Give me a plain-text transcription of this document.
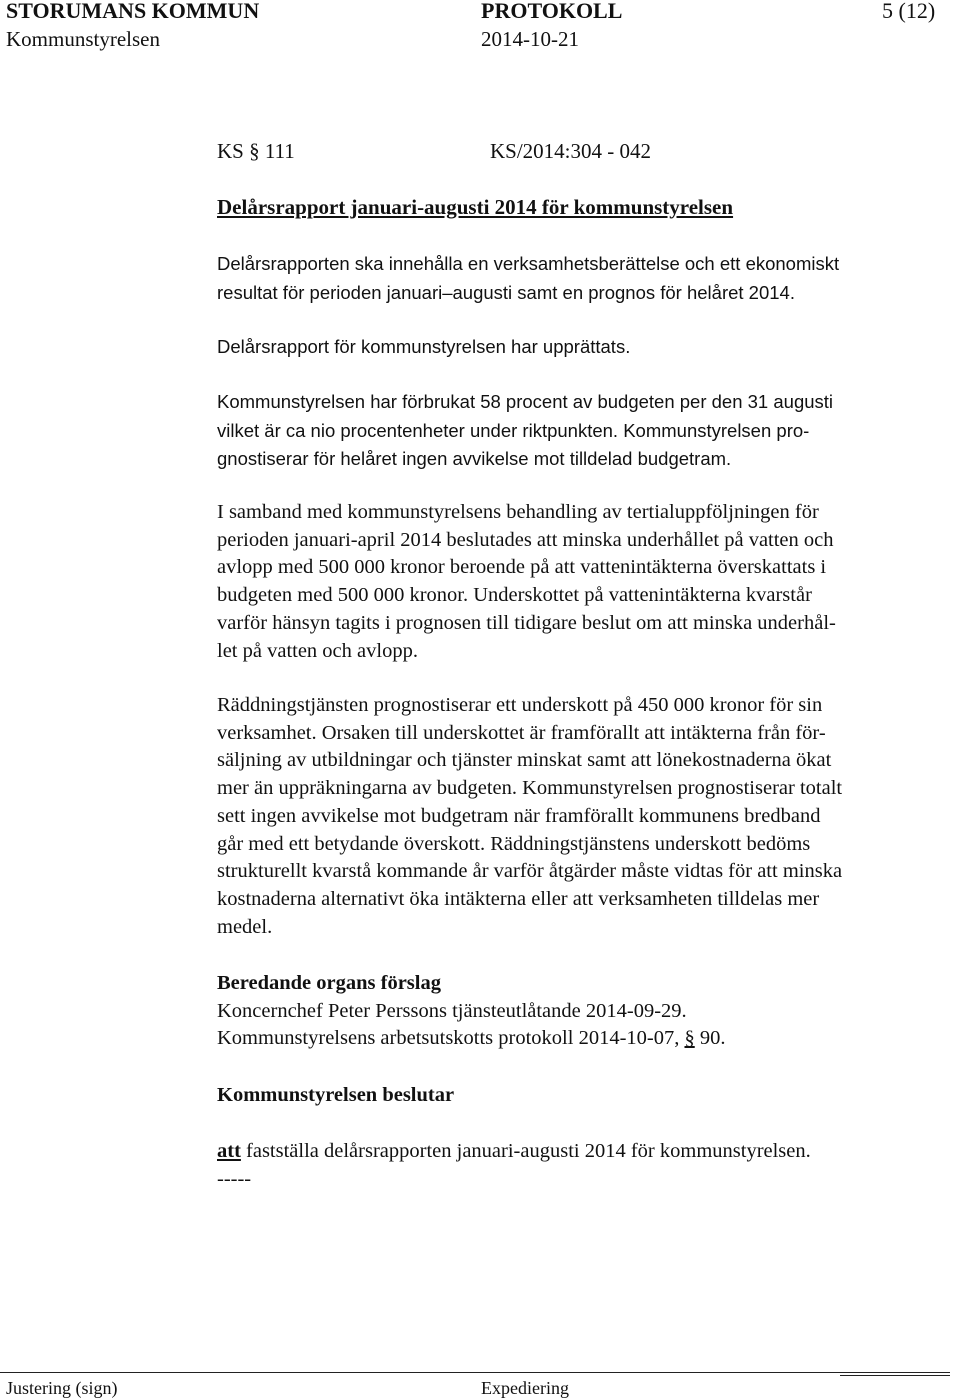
STORUMANS KOMMUN	PROTOKOLL	5 (12)
Kommunstyrelsen	2014-10-21
KS § 111	KS/2014:304 - 042
Delårsrapport januari-augusti 2014 för kommunstyrelsen
Delårsrapporten ska innehålla en verksamhetsberättelse och ett ekonomiskt
resultat för perioden januari–augusti samt en prognos för helåret 2014.
Delårsrapport för kommunstyrelsen har upprättats.
Kommunstyrelsen har förbrukat 58 procent av budgeten per den 31 augusti
vilket är ca nio procentenheter under riktpunkten. Kommunstyrelsen pro-
gnostiserar för helåret ingen avvikelse mot tilldelad budgetram.
I samband med kommunstyrelsens behandling av tertialuppföljningen för
perioden januari-april 2014 beslutades att minska underhållet på vatten och
avlopp med 500 000 kronor beroende på att vattenintäkterna överskattats i
budgeten med 500 000 kronor. Underskottet på vattenintäkterna kvarstår
varför hänsyn tagits i prognosen till tidigare beslut om att minska underhål-
let på vatten och avlopp.
Räddningstjänsten prognostiserar ett underskott på 450 000 kronor för sin
verksamhet. Orsaken till underskottet är framförallt att intäkterna från för-
säljning av utbildningar och tjänster minskat samt att lönekostnaderna ökat
mer än uppräkningarna av budgeten. Kommunstyrelsen prognostiserar totalt
sett ingen avvikelse mot budgetram när framförallt kommunens bredband
går med ett betydande överskott. Räddningstjänstens underskott bedöms
strukturellt kvarstå kommande år varför åtgärder måste vidtas för att minska
kostnaderna alternativt öka intäkterna eller att verksamheten tilldelas mer
medel.
Beredande organs förslag
Koncernchef Peter Perssons tjänsteutlåtande 2014-09-29.
Kommunstyrelsens arbetsutskotts protokoll 2014-10-07, § 90.
Kommunstyrelsen beslutar
att fastställa delårsrapporten januari-augusti 2014 för kommunstyrelsen.
-----
Justering (sign)	Expediering
